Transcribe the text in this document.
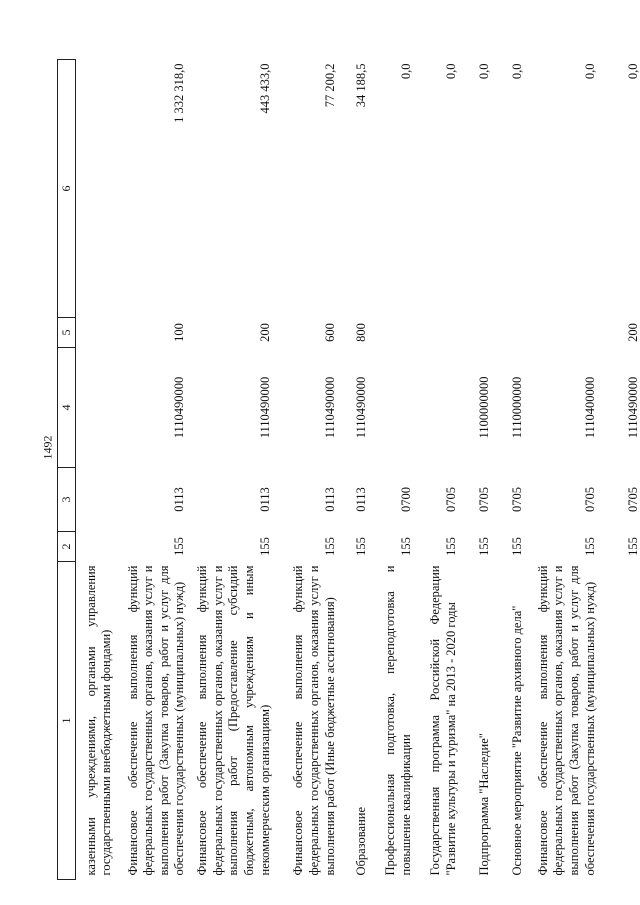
1492
1	2	3	4	5	6
казенными учреждениями, органами управления государственными внебюджетными фондами)					
Финансовое обеспечение выполнения функций федеральных государственных органов, оказания услуг и выполнения работ (Закупка товаров, работ и услуг для обеспечения государственных (муниципальных) нужд)	155	0113	1110490000	100	1 332 318,0
Финансовое обеспечение выполнения функций федеральных государственных органов, оказания услуг и выполнения работ (Предоставление субсидий бюджетным, автономным учреждениям и иным некоммерческим организациям)	155	0113	1110490000	200	443 433,0
Финансовое обеспечение выполнения функций федеральных государственных органов, оказания услуг и выполнения работ (Иные бюджетные ассигнования)	155	0113	1110490000	600	77 200,2
Образование	155	0113	1110490000	800	34 188,5
Профессиональная подготовка, переподготовка и повышение квалификации	155	0700			0,0
Государственная программа Российской Федерации "Развитие культуры и туризма" на 2013 - 2020 годы	155	0705			0,0
Подпрограмма "Наследие"	155	0705	1100000000		0,0
Основное мероприятие "Развитие архивного дела"	155	0705	1110000000		0,0
Финансовое обеспечение выполнения функций федеральных государственных органов, оказания услуг и выполнения работ (Закупка товаров, работ и услуг для обеспечения государственных (муниципальных) нужд)	155	0705	1110400000		0,0
	155	0705	1110490000	200	0,0
